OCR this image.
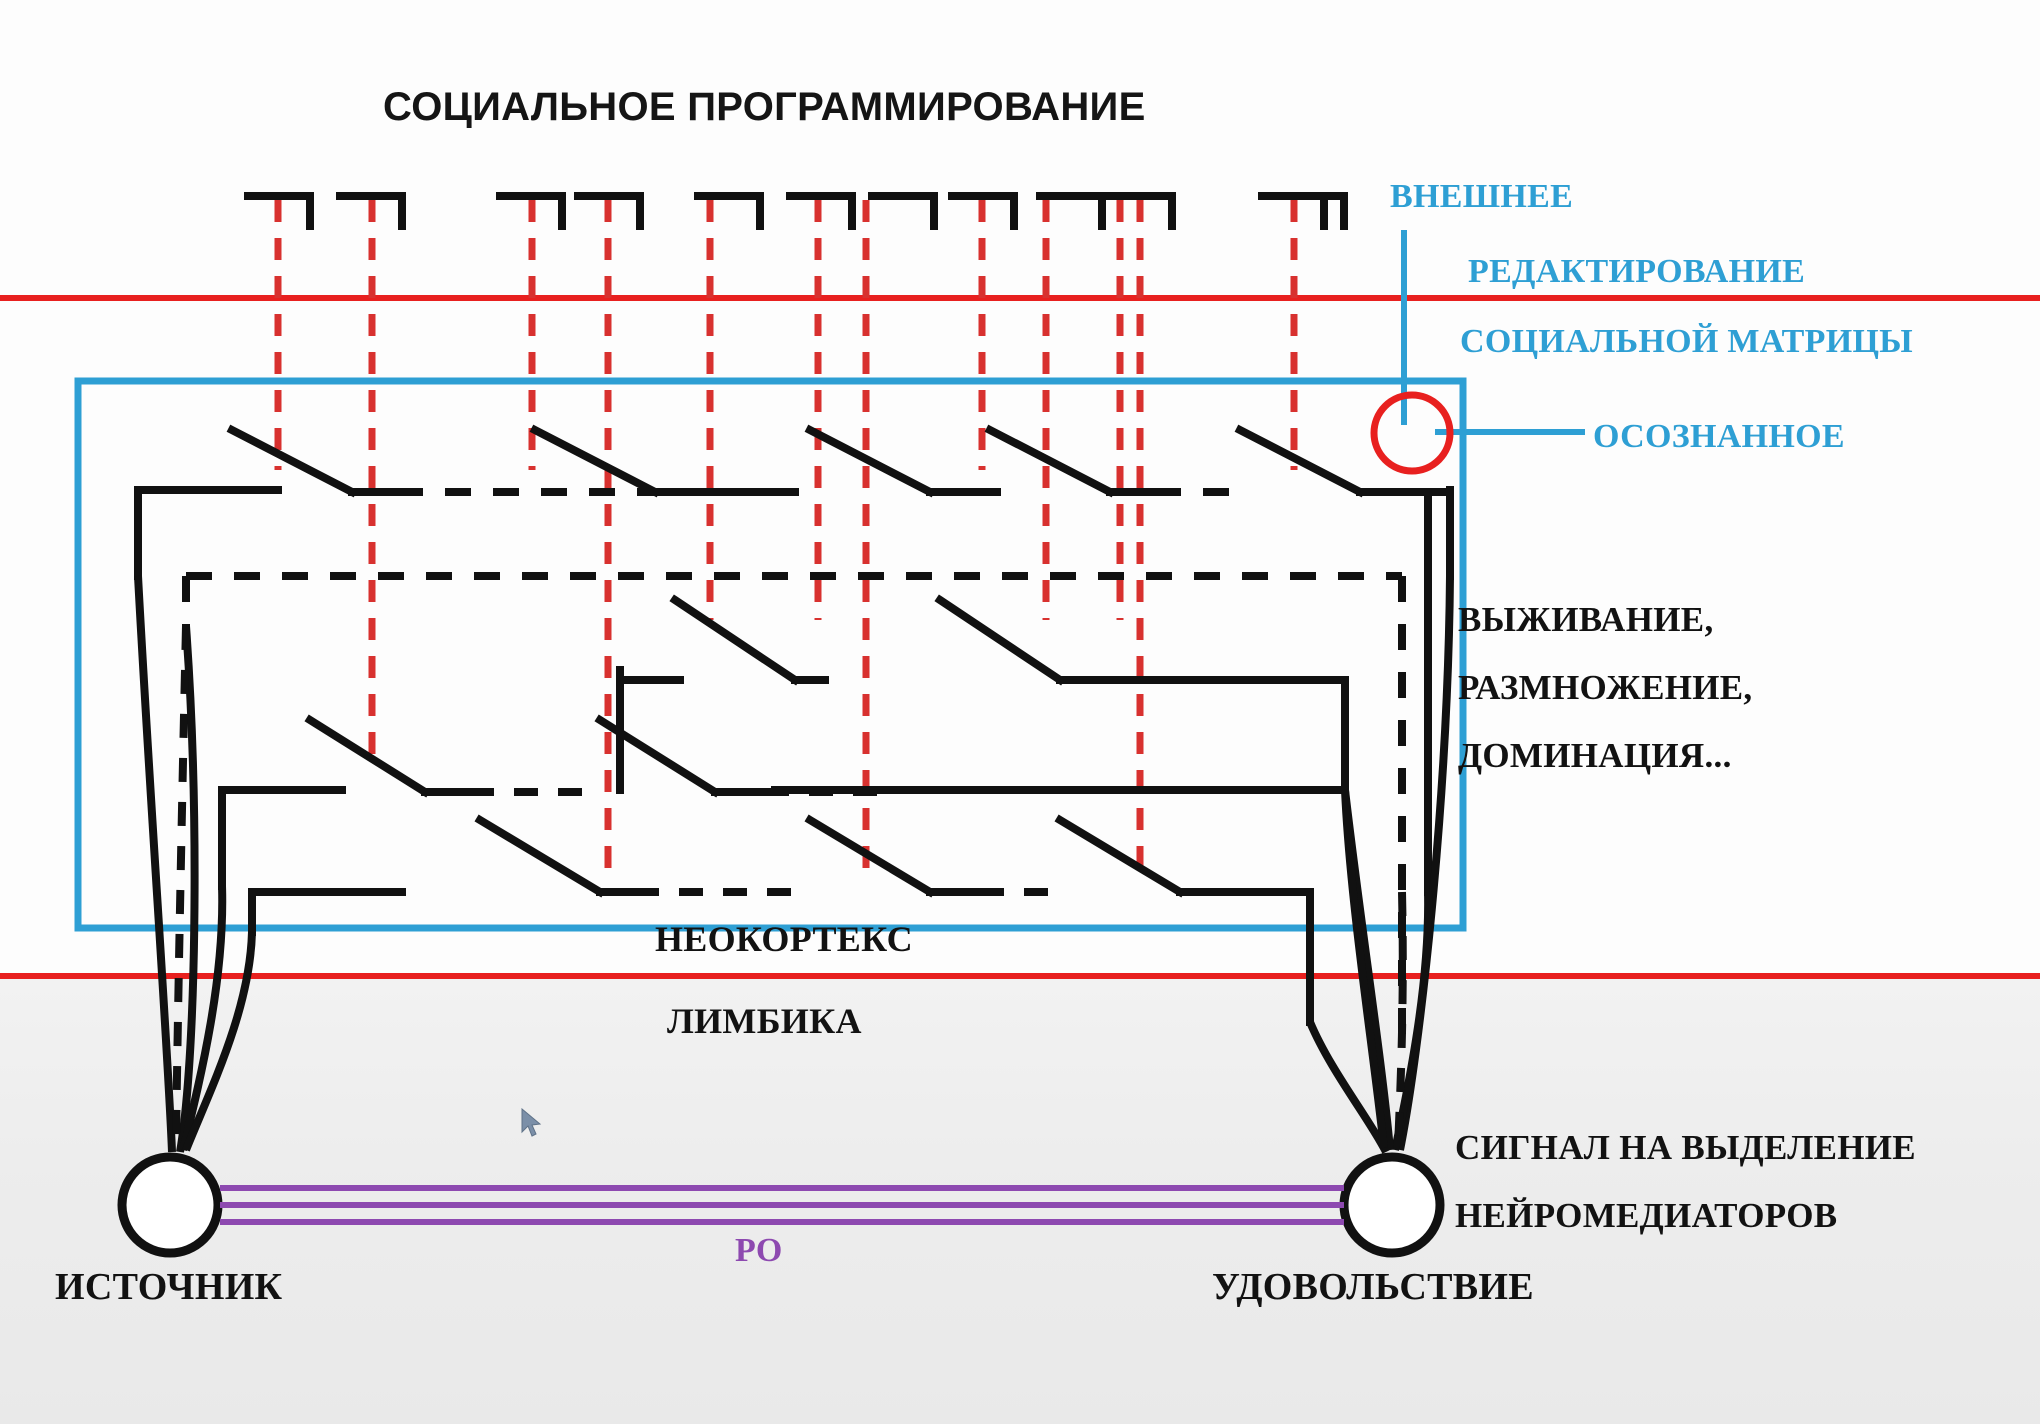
СОЦИАЛЬНОЕ ПРОГРАММИРОВАНИЕ
ВНЕШНЕЕ
РЕДАКТИРОВАНИЕ
СОЦИАЛЬНОЙ МАТРИЦЫ
ОСОЗНАННОЕ
ВЫЖИВАНИЕ,
РАЗМНОЖЕНИЕ,
ДОМИНАЦИЯ...
НЕОКОРТЕКС
ЛИМБИКА
СИГНАЛ НА ВЫДЕЛЕНИЕ
НЕЙРОМЕДИАТОРОВ
ИСТОЧНИК	УДОВОЛЬСТВИЕ
РО
